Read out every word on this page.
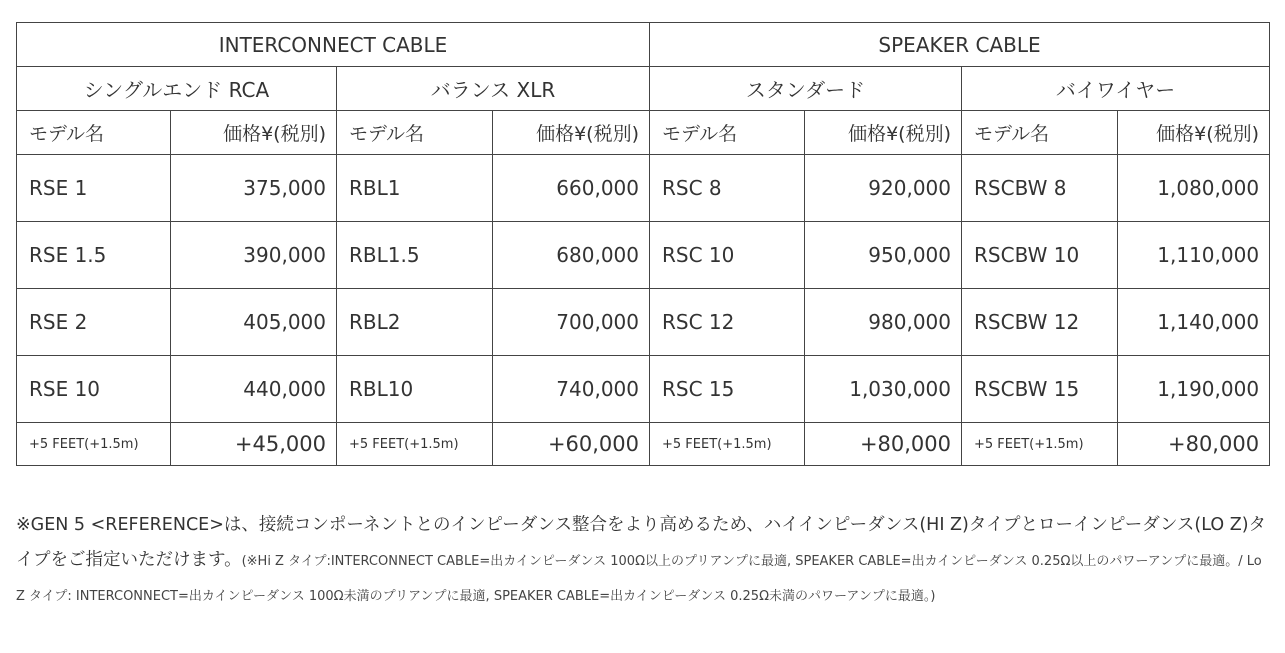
INTERCONNECT CABLE				SPEAKER CABLE			
シングルエンド RCA		バランス XLR		スタンダード		バイワイヤー	
モデル名	価格¥(税別)	モデル名	価格¥(税別)	モデル名	価格¥(税別)	モデル名	価格¥(税別)
RSE 1	375,000	RBL1	660,000	RSC 8	920,000	RSCBW 8	1,080,000
RSE 1.5	390,000	RBL1.5	680,000	RSC 10	950,000	RSCBW 10	1,110,000
RSE 2	405,000	RBL2	700,000	RSC 12	980,000	RSCBW 12	1,140,000
RSE 10	440,000	RBL10	740,000	RSC 15	1,030,000	RSCBW 15	1,190,000
+5 FEET(+1.5m)	+45,000	+5 FEET(+1.5m)	+60,000	+5 FEET(+1.5m)	+80,000	+5 FEET(+1.5m)	+80,000

※GEN 5 <REFERENCE>は、接続コンポーネントとのインピーダンス整合をより高めるため、ハイインピーダンス(HI Z)タイプとローインピーダンス(LO Z)タイプをご指定いただけます。(※Hi Z タイプ:INTERCONNECT CABLE=出カインピーダンス 100Ω以上のプリアンプに最適, SPEAKER CABLE=出カインピーダンス 0.25Ω以上のパワーアンプに最適。/ Lo Z タイプ: INTERCONNECT=出カインピーダンス 100Ω未満のプリアンプに最適, SPEAKER CABLE=出カインピーダンス 0.25Ω未満のパワーアンプに最適。)
